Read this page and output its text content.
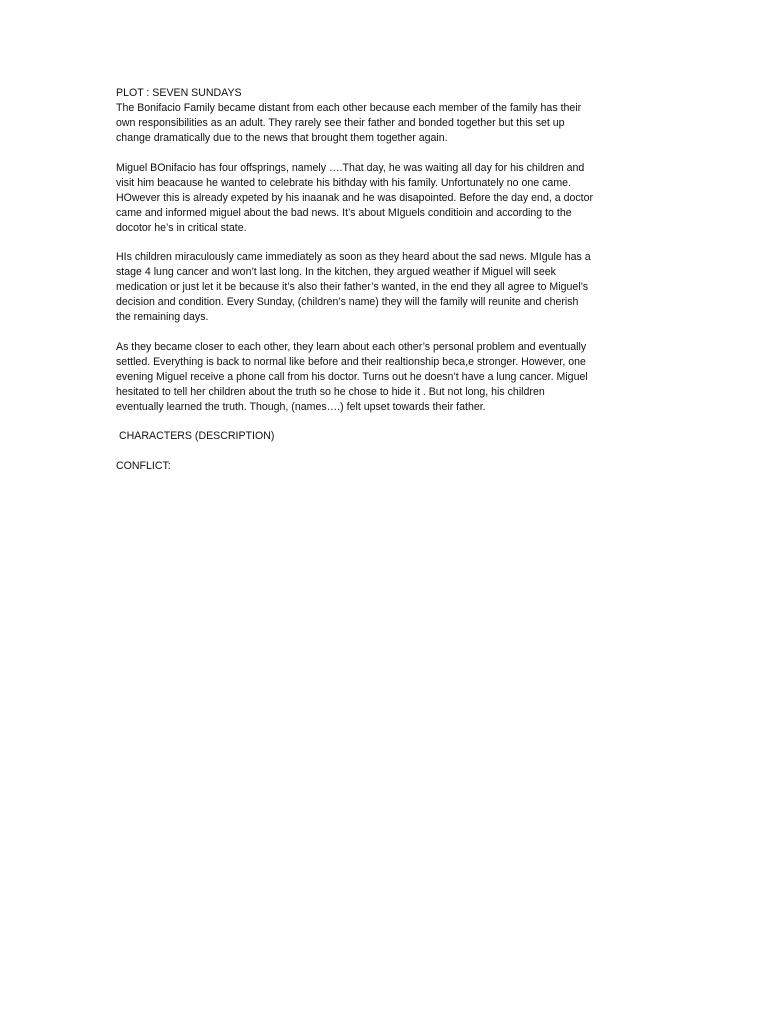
PLOT : SEVEN SUNDAYS
The Bonifacio Family became distant from each other because each member of the family has their
own responsibilities as an adult. They rarely see their father and bonded together but this set up
change dramatically due to the news that brought them together again.
Miguel BOnifacio has four offsprings, namely ….That day, he was waiting all day for his children and
visit him beacause he wanted to celebrate his bithday with his family. Unfortunately no one came.
HOwever this is already expeted by his inaanak and he was disapointed. Before the day end, a doctor
came and informed miguel about the bad news. It’s about MIguels conditioin and according to the
docotor he’s in critical state.
HIs children miraculously came immediately as soon as they heard about the sad news. MIgule has a
stage 4 lung cancer and won’t last long. In the kitchen, they argued weather if Miguel will seek
medication or just let it be because it’s also their father’s wanted, in the end they all agree to Miguel’s
decision and condition. Every Sunday, (children’s name) they will the family will reunite and cherish
the remaining days.
As they became closer to each other, they learn about each other’s personal problem and eventually
settled. Everything is back to normal like before and their realtionship beca,e stronger. However, one
evening Miguel receive a phone call from his doctor. Turns out he doesn’t have a lung cancer. Miguel
hesitated to tell her children about the truth so he chose to hide it . But not long, his children
eventually learned the truth. Though, (names….) felt upset towards their father.
CHARACTERS (DESCRIPTION)
CONFLICT:
